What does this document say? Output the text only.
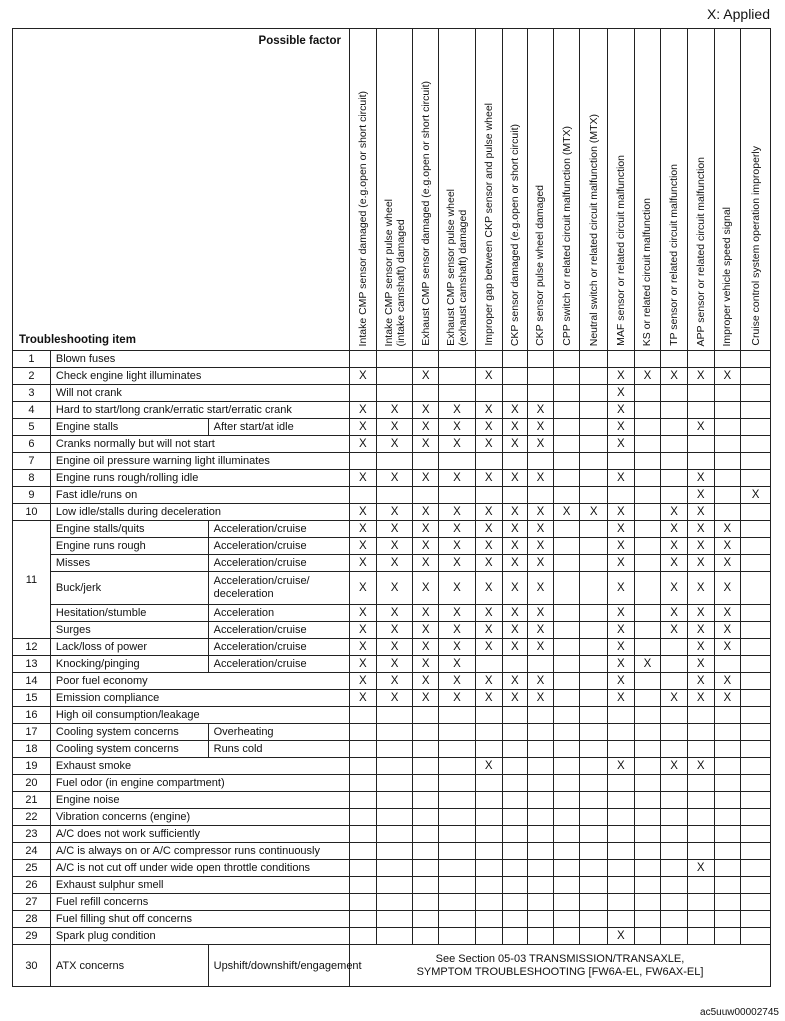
X: Applied
Possible factor
Troubleshooting item			Intake CMP sensor damaged (e.g.open or short circuit)	Intake CMP sensor pulse wheel
(intake camshaft) damaged	Exhaust CMP sensor damaged (e.g.open or short circuit)	Exhaust CMP sensor pulse wheel
(exhaust camshaft) damaged	Improper gap between CKP sensor and pulse wheel	CKP sensor damaged (e.g.open or short circuit)	CKP sensor pulse wheel damaged	CPP switch or related circuit malfunction (MTX)	Neutral switch or related circuit malfunction (MTX)	MAF sensor or related circuit malfunction	KS or related circuit malfunction	TP sensor or related circuit malfunction	APP sensor or related circuit malfunction	Improper vehicle speed signal	Cruise control system operation improperly

1	Blown fuses																
2	Check engine light illuminates		X		X		X					X	X	X	X	X	
3	Will not crank											X					
4	Hard to start/long crank/erratic start/erratic crank		X	X	X	X	X	X	X			X					
5	Engine stalls	After start/at idle	X	X	X	X	X	X	X			X			X		
6	Cranks normally but will not start		X	X	X	X	X	X	X			X					
7	Engine oil pressure warning light illuminates																
8	Engine runs rough/rolling idle		X	X	X	X	X	X	X			X			X		
9	Fast idle/runs on														X		X
10	Low idle/stalls during deceleration		X	X	X	X	X	X	X	X	X	X		X	X		
11	Engine stalls/quits	Acceleration/cruise	X	X	X	X	X	X	X			X		X	X	X	
	Engine runs rough	Acceleration/cruise	X	X	X	X	X	X	X			X		X	X	X	
	Misses	Acceleration/cruise	X	X	X	X	X	X	X			X		X	X	X	
	Buck/jerk	Acceleration/cruise/
deceleration	X	X	X	X	X	X	X			X		X	X	X	
	Hesitation/stumble	Acceleration	X	X	X	X	X	X	X			X		X	X	X	
	Surges	Acceleration/cruise	X	X	X	X	X	X	X			X		X	X	X	
12	Lack/loss of power	Acceleration/cruise	X	X	X	X	X	X	X			X			X	X	
13	Knocking/pinging	Acceleration/cruise	X	X	X	X						X	X		X		
14	Poor fuel economy		X	X	X	X	X	X	X			X			X	X	
15	Emission compliance		X	X	X	X	X	X	X			X		X	X	X	
16	High oil consumption/leakage																
17	Cooling system concerns	Overheating															
18	Cooling system concerns	Runs cold															
19	Exhaust smoke						X					X		X	X		
20	Fuel odor (in engine compartment)																
21	Engine noise																
22	Vibration concerns (engine)																
23	A/C does not work sufficiently																
24	A/C is always on or A/C compressor runs continuously																
25	A/C is not cut off under wide open throttle conditions														X		
26	Exhaust sulphur smell																
27	Fuel refill concerns																
28	Fuel filling shut off concerns																
29	Spark plug condition											X					
30	ATX concerns	Upshift/downshift/engagement	See Section 05-03 TRANSMISSION/TRANSAXLE,
SYMPTOM TROUBLESHOOTING [FW6A-EL, FW6AX-EL]														
ac5uuw00002745
